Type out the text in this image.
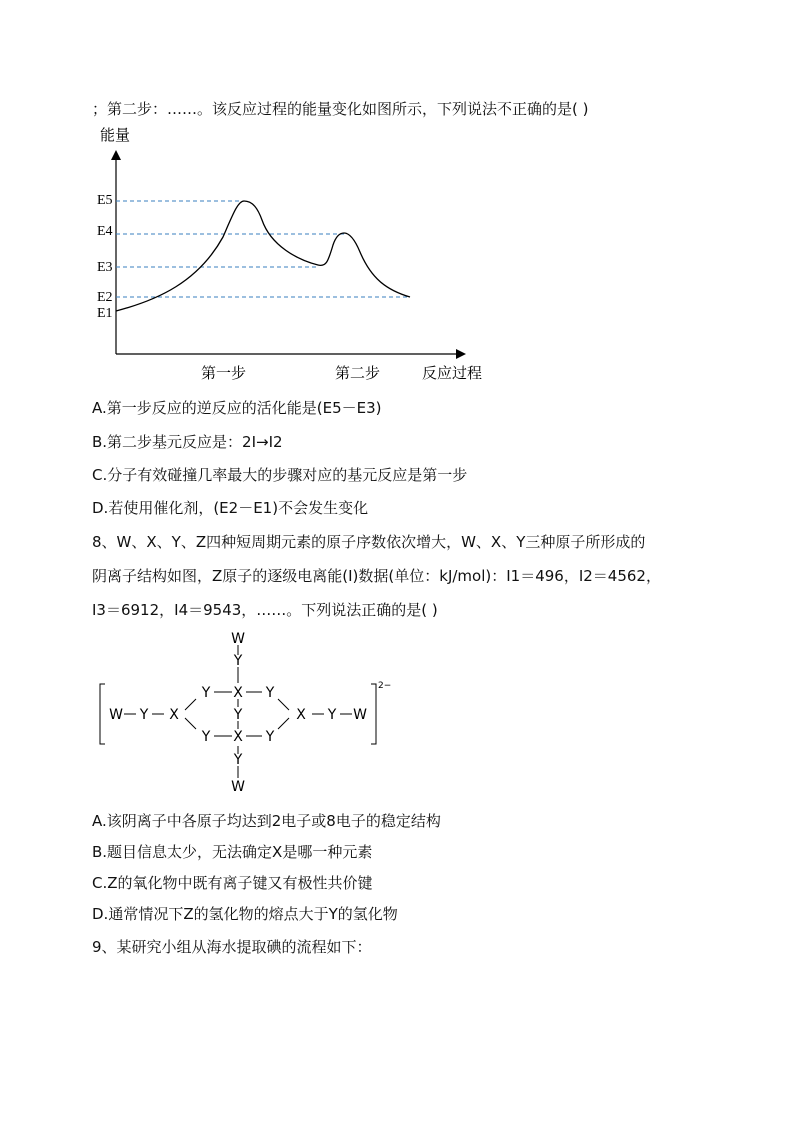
；第二步：……。该反应过程的能量变化如图所示，下列说法不正确的是( )
能量
E5
E4
E3
E2
E1
第一步	第二步	反应过程
A.第一步反应的逆反应的活化能是(E5－E3)
B.第二步基元反应是：2I→I2
C.分子有效碰撞几率最大的步骤对应的基元反应是第一步
D.若使用催化剂，(E2－E1)不会发生变化
8、W、X、Y、Z四种短周期元素的原子序数依次增大，W、X、Y三种原子所形成的
阴离子结构如图，Z原子的逐级电离能(I)数据(单位：kJ/mol)：I1＝496，I2＝4562，
I3＝6912，I4＝9543，……。下列说法正确的是( )
W
Y
X
Y
X
Y
W
W Y X
Y
Y
X Y W
Y
Y
2−
A.该阴离子中各原子均达到2电子或8电子的稳定结构
B.题目信息太少，无法确定X是哪一种元素
C.Z的氧化物中既有离子键又有极性共价键
D.通常情况下Z的氢化物的熔点大于Y的氢化物
9、某研究小组从海水提取碘的流程如下：
